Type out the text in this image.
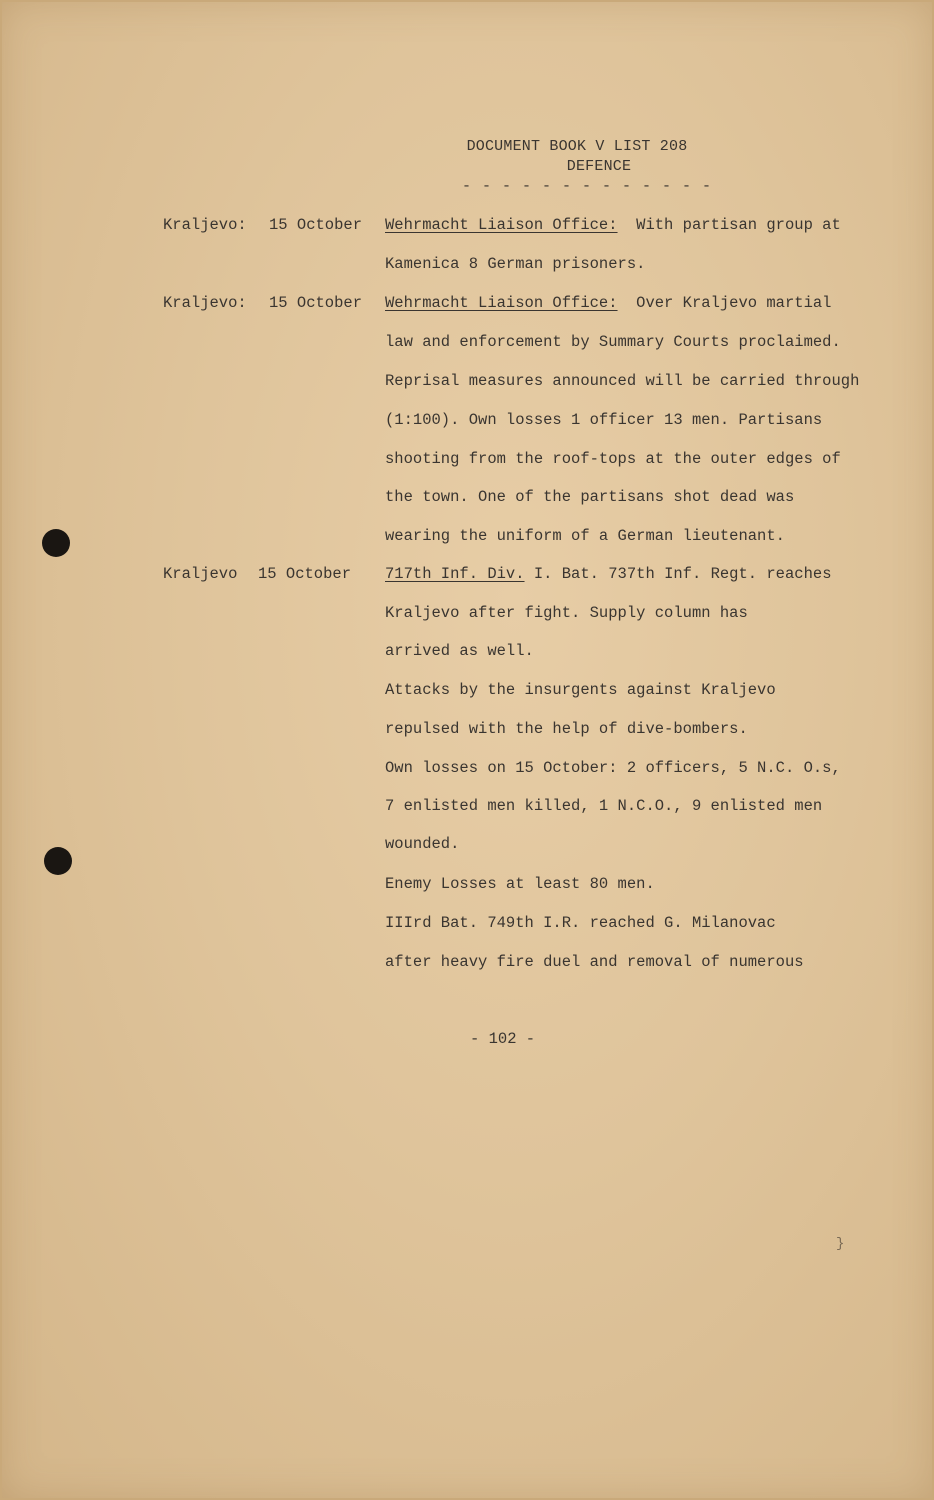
DOCUMENT BOOK V LIST 208
DEFENCE
- - - - - - - - - - - - -
Kraljevo: 15 October Wehrmacht Liaison Office: With partisan group at
Kamenica 8 German prisoners.
Kraljevo: 15 October Wehrmacht Liaison Office: Over Kraljevo martial
law and enforcement by Summary Courts proclaimed.
Reprisal measures announced will be carried through
(1:100). Own losses 1 officer 13 men. Partisans
shooting from the roof-tops at the outer edges of
the town. One of the partisans shot dead was
wearing the uniform of a German lieutenant.
Kraljevo 15 October 717th Inf. Div. I. Bat. 737th Inf. Regt. reaches
Kraljevo after fight. Supply column has
arrived as well.
Attacks by the insurgents against Kraljevo
repulsed with the help of dive-bombers.
Own losses on 15 October: 2 officers, 5 N.C. O.s,
7 enlisted men killed, 1 N.C.O., 9 enlisted men
wounded.
Enemy Losses at least 80 men.
IIIrd Bat. 749th I.R. reached G. Milanovac
after heavy fire duel and removal of numerous
- 102 -
}
